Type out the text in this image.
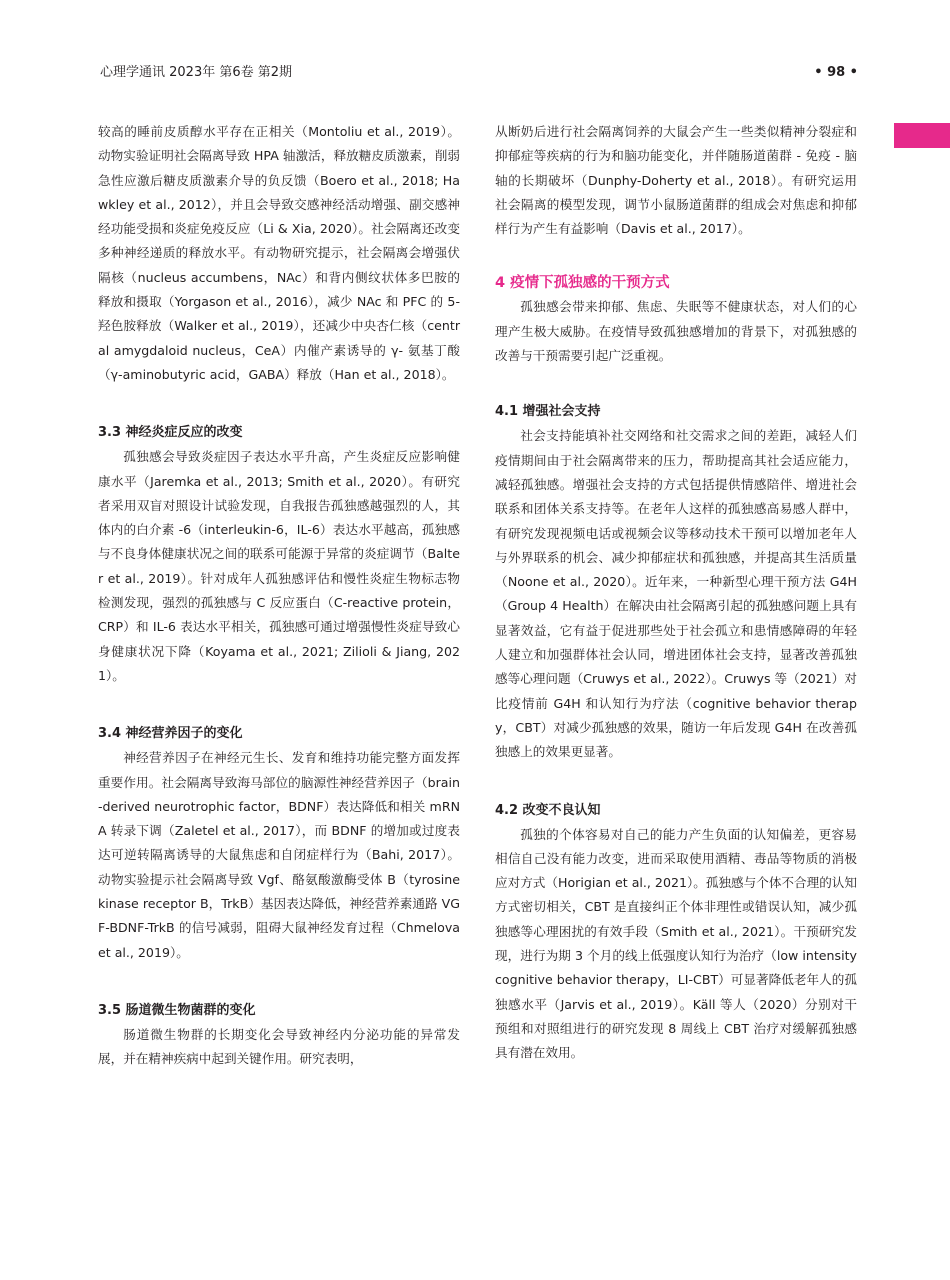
心理学通讯 2023年 第6卷 第2期	• 98 •

较高的睡前皮质醇水平存在正相关（Montoliu et al., 2019）。动物实验证明社会隔离导致 HPA 轴激活，释放糖皮质激素，削弱急性应激后糖皮质激素介导的负反馈（Boero et al., 2018; Hawkley et al., 2012），并且会导致交感神经活动增强、副交感神经功能受损和炎症免疫反应（Li & Xia, 2020）。社会隔离还改变多种神经递质的释放水平。有动物研究提示，社会隔离会增强伏隔核（nucleus accumbens，NAc）和背内侧纹状体多巴胺的释放和摄取（Yorgason et al., 2016），减少 NAc 和 PFC 的 5- 羟色胺释放（Walker et al., 2019），还减少中央杏仁核（central amygdaloid nucleus，CeA）内催产素诱导的 γ- 氨基丁酸（γ-aminobutyric acid，GABA）释放（Han et al., 2018）。

3.3 神经炎症反应的改变

孤独感会导致炎症因子表达水平升高，产生炎症反应影响健康水平（Jaremka et al., 2013; Smith et al., 2020）。有研究者采用双盲对照设计试验发现，自我报告孤独感越强烈的人，其体内的白介素 -6（interleukin-6，IL-6）表达水平越高，孤独感与不良身体健康状况之间的联系可能源于异常的炎症调节（Balter et al., 2019）。针对成年人孤独感评估和慢性炎症生物标志物检测发现，强烈的孤独感与 C 反应蛋白（C-reactive protein，CRP）和 IL-6 表达水平相关，孤独感可通过增强慢性炎症导致心身健康状况下降（Koyama et al., 2021; Zilioli & Jiang, 2021）。

3.4 神经营养因子的变化

神经营养因子在神经元生长、发育和维持功能完整方面发挥重要作用。社会隔离导致海马部位的脑源性神经营养因子（brain-derived neurotrophic factor，BDNF）表达降低和相关 mRNA 转录下调（Zaletel et al., 2017），而 BDNF 的增加或过度表达可逆转隔离诱导的大鼠焦虑和自闭症样行为（Bahi, 2017）。动物实验提示社会隔离导致 Vgf、酪氨酸激酶受体 B（tyrosine kinase receptor B，TrkB）基因表达降低，神经营养素通路 VGF-BDNF-TrkB 的信号减弱，阻碍大鼠神经发育过程（Chmelova et al., 2019）。

3.5 肠道微生物菌群的变化

肠道微生物群的长期变化会导致神经内分泌功能的异常发展，并在精神疾病中起到关键作用。研究表明，

从断奶后进行社会隔离饲养的大鼠会产生一些类似精神分裂症和抑郁症等疾病的行为和脑功能变化，并伴随肠道菌群 - 免疫 - 脑轴的长期破坏（Dunphy-Doherty et al., 2018）。有研究运用社会隔离的模型发现，调节小鼠肠道菌群的组成会对焦虑和抑郁样行为产生有益影响（Davis et al., 2017）。

4 疫情下孤独感的干预方式

孤独感会带来抑郁、焦虑、失眠等不健康状态，对人们的心理产生极大威胁。在疫情导致孤独感增加的背景下，对孤独感的改善与干预需要引起广泛重视。

4.1 增强社会支持

社会支持能填补社交网络和社交需求之间的差距，减轻人们疫情期间由于社会隔离带来的压力，帮助提高其社会适应能力，减轻孤独感。增强社会支持的方式包括提供情感陪伴、增进社会联系和团体关系支持等。在老年人这样的孤独感高易感人群中，有研究发现视频电话或视频会议等移动技术干预可以增加老年人与外界联系的机会、减少抑郁症状和孤独感，并提高其生活质量（Noone et al., 2020）。近年来，一种新型心理干预方法 G4H（Group 4 Health）在解决由社会隔离引起的孤独感问题上具有显著效益，它有益于促进那些处于社会孤立和患情感障碍的年轻人建立和加强群体社会认同，增进团体社会支持，显著改善孤独感等心理问题（Cruwys et al., 2022）。Cruwys 等（2021）对比疫情前 G4H 和认知行为疗法（cognitive behavior therapy，CBT）对减少孤独感的效果，随访一年后发现 G4H 在改善孤独感上的效果更显著。

4.2 改变不良认知

孤独的个体容易对自己的能力产生负面的认知偏差，更容易相信自己没有能力改变，进而采取使用酒精、毒品等物质的消极应对方式（Horigian et al., 2021）。孤独感与个体不合理的认知方式密切相关，CBT 是直接纠正个体非理性或错误认知，减少孤独感等心理困扰的有效手段（Smith et al., 2021）。干预研究发现，进行为期 3 个月的线上低强度认知行为治疗（low intensity cognitive behavior therapy，LI-CBT）可显著降低老年人的孤独感水平（Jarvis et al., 2019）。Käll 等人（2020）分别对干预组和对照组进行的研究发现 8 周线上 CBT 治疗对缓解孤独感具有潜在效用。
